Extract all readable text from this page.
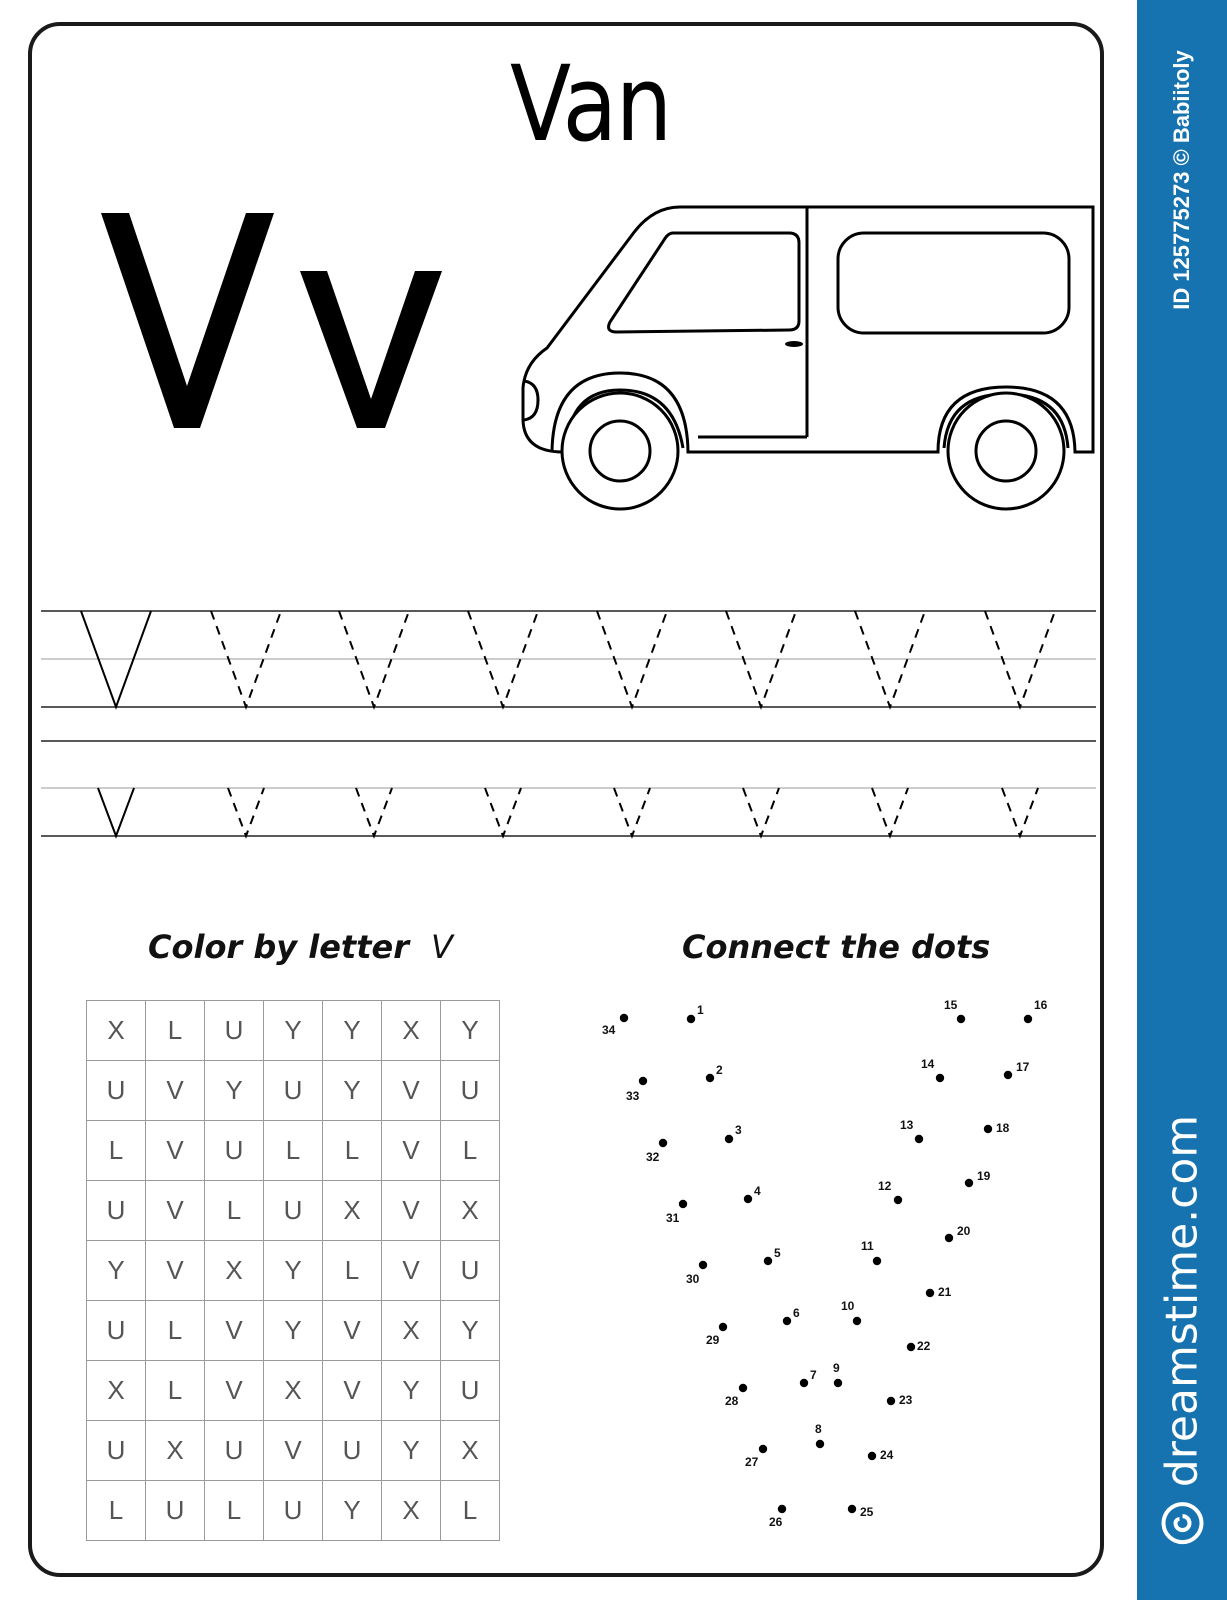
Van
Color by letter V	Connect the dots
X	L	U	Y	Y	X	Y
U	V	Y	U	Y	V	U
L	V	U	L	L	V	L
U	V	L	U	X	V	X
Y	V	X	Y	L	V	U
U	L	V	Y	V	X	Y
X	L	V	X	V	Y	U
U	X	U	V	U	Y	X
L	U	L	U	Y	X	L
1
2
3
4
5
6
7
8
9
10
11
12
13
14
15	16
17
18
19
20
21
22
23
24
25
26
27
28
29
30
31
32
33
34
ID 125775273 © Babiitoly
dreamstime.com
